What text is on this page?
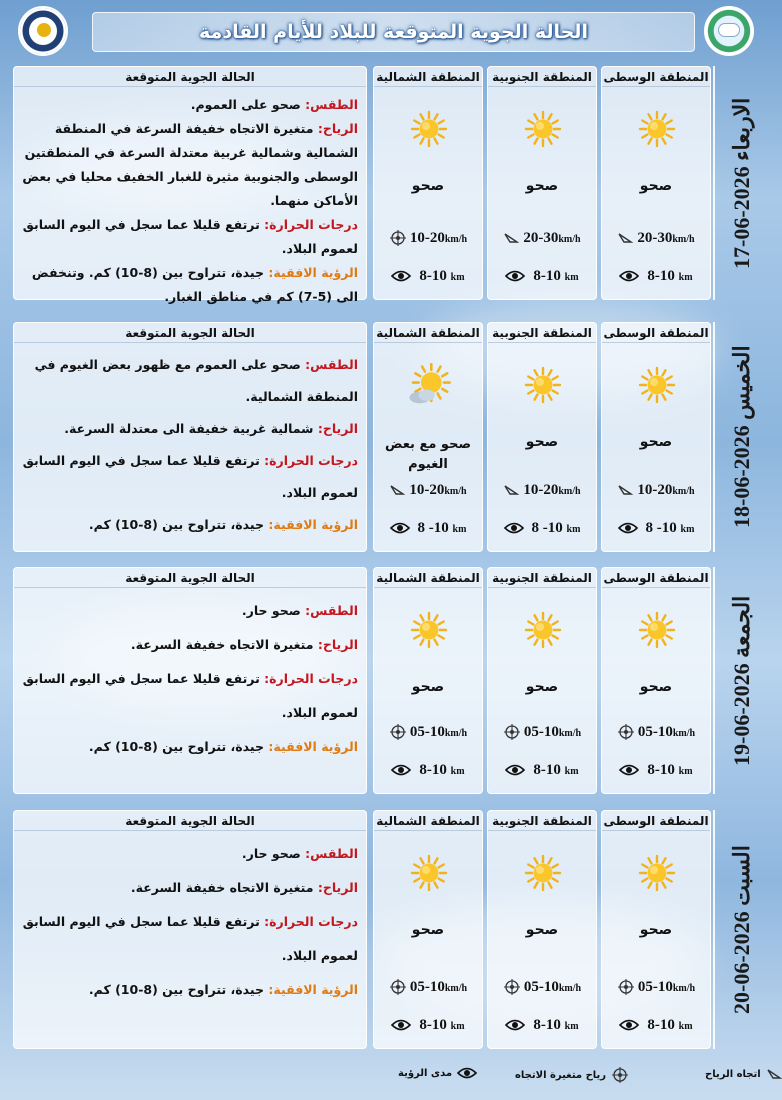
الحالة الجوية المتوقعة للبلاد للأيام القادمة
الاربعاء 2026-06-17
المنطقة الوسطى
صحو
20-30km/h
8-10 km
المنطقة الجنوبية
صحو
20-30km/h
8-10 km
المنطقة الشمالية
صحو
10-20km/h
8-10 km
الحالة الجوية المتوقعة

الطقس: صحو على العموم.

الرياح: متغيرة الاتجاه خفيفة السرعة في المنطقة الشمالية وشمالية غربية معتدلة السرعة في المنطقتين الوسطى والجنوبية مثيرة للغبار الخفيف محليا في بعض الأماكن منهما.

درجات الحرارة: ترتفع قليلا عما سجل في اليوم السابق لعموم البلاد.

الرؤية الافقية: جيدة، تتراوح بين (8-10) كم. وتنخفض الى (5-7) كم في مناطق الغبار.

الخميس 2026-06-18
المنطقة الوسطى
صحو
10-20km/h
8 -10 km
المنطقة الجنوبية
صحو
10-20km/h
8 -10 km
المنطقة الشمالية
صحو مع بعض الغيوم
10-20km/h
8 -10 km
الحالة الجوية المتوقعة

الطقس: صحو على العموم مع ظهور بعض الغيوم في المنطقة الشمالية.

الرياح: شمالية غربية خفيفة الى معتدلة السرعة.

درجات الحرارة: ترتفع قليلا عما سجل في اليوم السابق لعموم البلاد.

الرؤية الافقية: جيدة، تتراوح بين (8-10) كم.

الجمعة 2026-06-19
المنطقة الوسطى
صحو
05-10km/h
8-10 km
المنطقة الجنوبية
صحو
05-10km/h
8-10 km
المنطقة الشمالية
صحو
05-10km/h
8-10 km
الحالة الجوية المتوقعة

الطقس: صحو حار.

الرياح: متغيرة الاتجاه خفيفة السرعة.

درجات الحرارة: ترتفع قليلا عما سجل في اليوم السابق لعموم البلاد.

الرؤية الافقية: جيدة، تتراوح بين (8-10) كم.

السبت 2026-06-20
المنطقة الوسطى
صحو
05-10km/h
8-10 km
المنطقة الجنوبية
صحو
05-10km/h
8-10 km
المنطقة الشمالية
صحو
05-10km/h
8-10 km
الحالة الجوية المتوقعة

الطقس: صحو حار.

الرياح: متغيرة الاتجاه خفيفة السرعة.

درجات الحرارة: ترتفع قليلا عما سجل في اليوم السابق لعموم البلاد.

الرؤية الافقية: جيدة، تتراوح بين (8-10) كم.

اتجاه الرياح
رياح متغيرة الاتجاه
مدى الرؤية
